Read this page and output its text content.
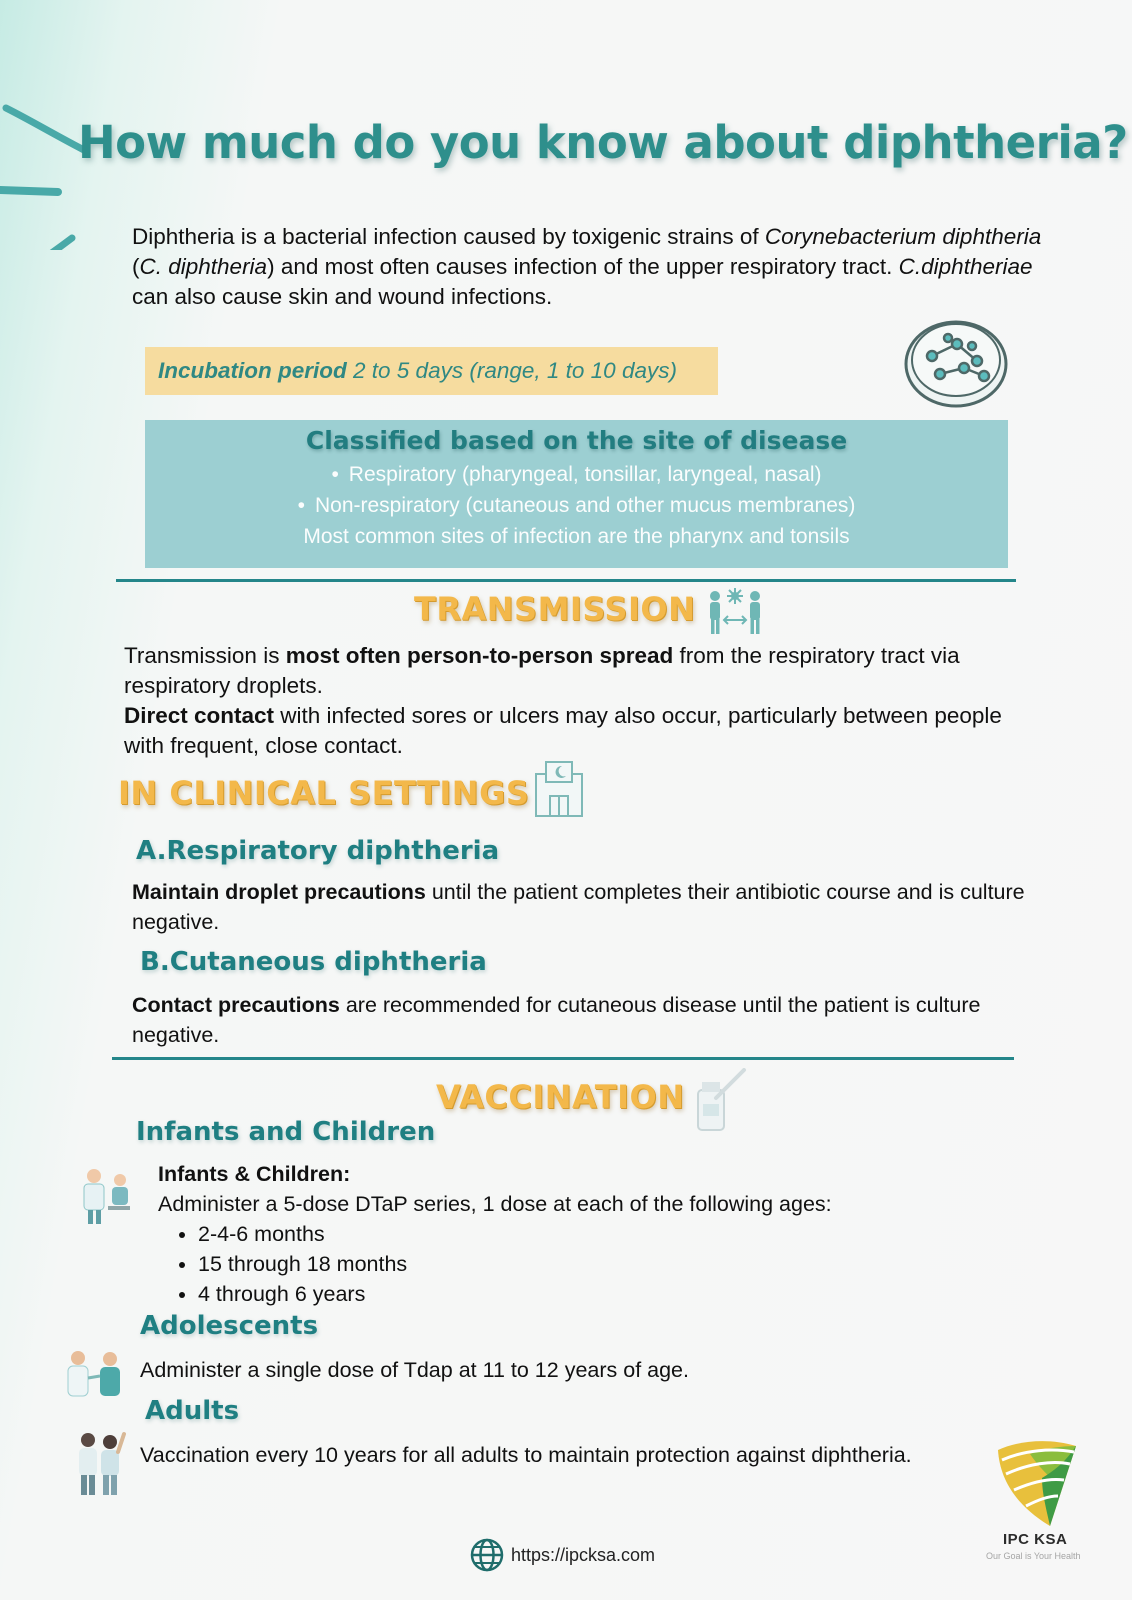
How much do you know about diphtheria?

Diphtheria is a bacterial infection caused by toxigenic strains of Corynebacterium diphtheria (C. diphtheria) and most often causes infection of the upper respiratory tract. C.diphtheriae can also cause skin and wound infections.

Incubation period 2 to 5 days (range, 1 to 10 days)
Classified based on the site of disease
• Respiratory (pharyngeal, tonsillar, laryngeal, nasal)
• Non-respiratory (cutaneous and other mucus membranes)
Most common sites of infection are the pharynx and tonsils
TRANSMISSION

Transmission is most often person-to-person spread from the respiratory tract via respiratory droplets.

Direct contact with infected sores or ulcers may also occur, particularly between people with frequent, close contact.

IN CLINICAL SETTINGS
A.Respiratory diphtheria

Maintain droplet precautions until the patient completes their antibiotic course and is culture negative.

B.Cutaneous diphtheria

Contact precautions are recommended for cutaneous disease until the patient is culture negative.

VACCINATION
Infants and Children

Infants & Children:

Administer a 5-dose DTaP series, 1 dose at each of the following ages:

• 2-4-6 months
• 15 through 18 months
• 4 through 6 years
Adolescents

Administer a single dose of Tdap at 11 to 12 years of age.

Adults

Vaccination every 10 years for all adults to maintain protection against diphtheria.

IPC KSA
Our Goal is Your Health
https://ipcksa.com
